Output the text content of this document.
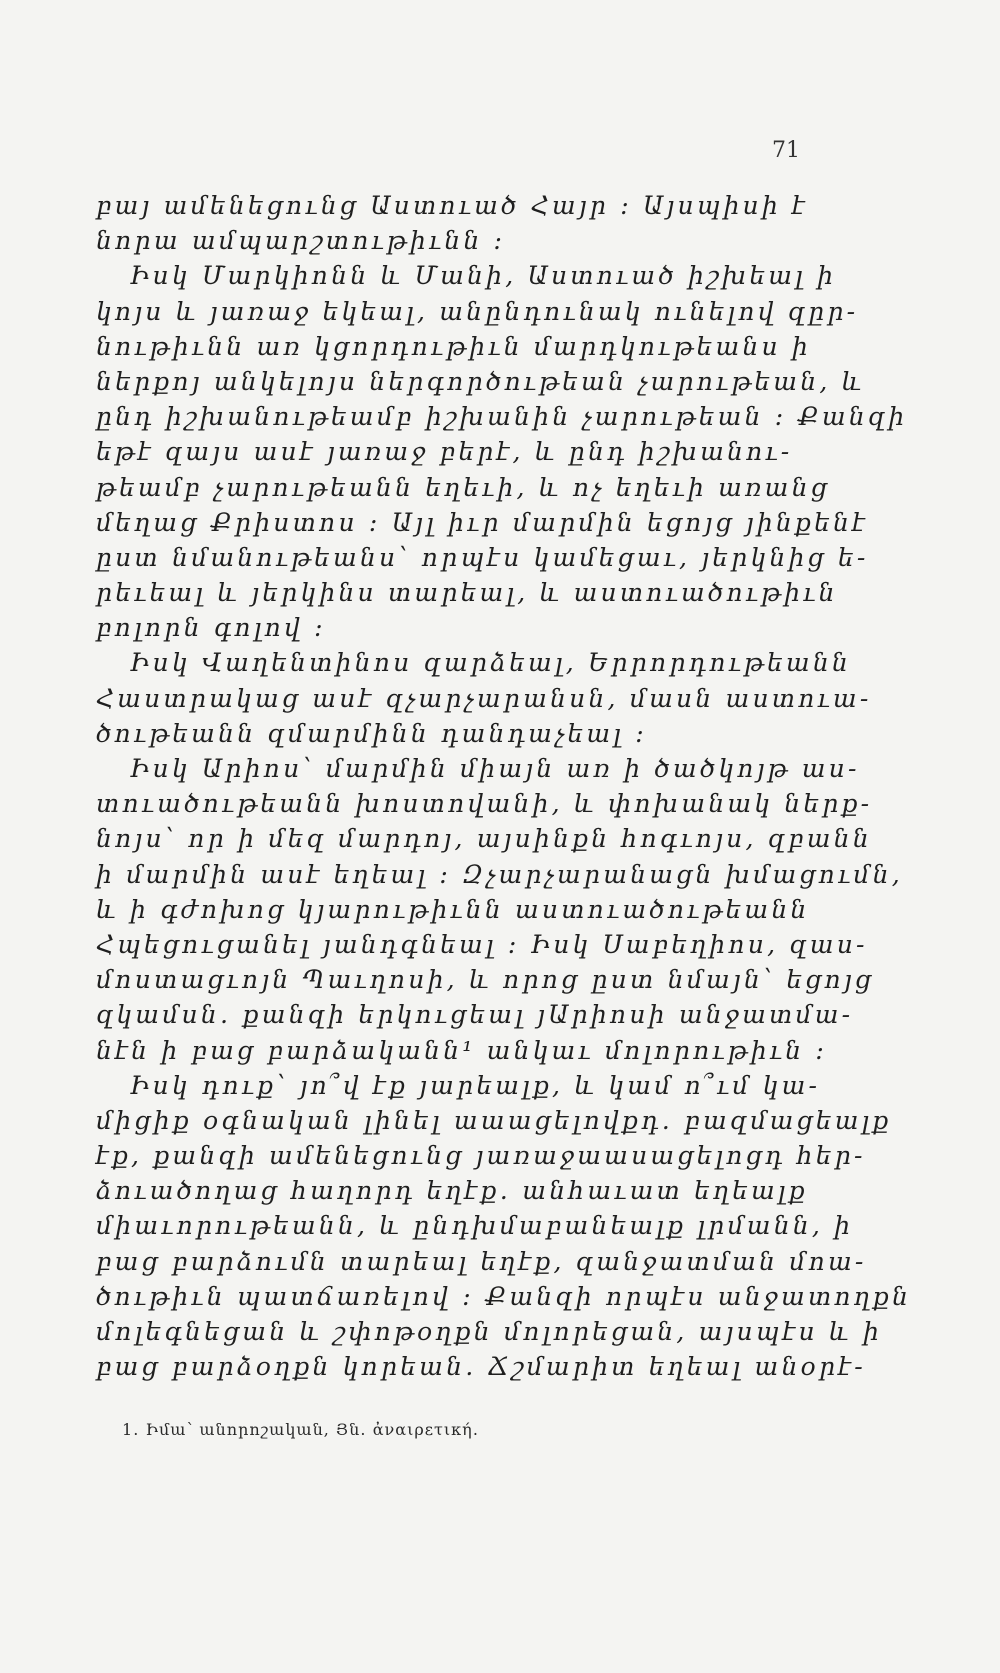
71
բայ ամենեցունց Աստուած Հայր ։ Այսպիսի է
նորա ամպարշտութիւնն ։
Իսկ Մարկիոնն և Մանի, Աստուած իշխեալ ի
կոյս և յառաջ եկեալ, անընդունակ ունելով զըր-
նութիւնն առ կցորդութիւն մարդկութեանս ի
ներքոյ անկելոյս ներգործութեան չարութեան, և
ընդ իշխանութեամբ իշխանին չարութեան ։ Քանզի
եթէ զայս ասէ յառաջ բերէ, և ընդ իշխանու-
թեամբ չարութեանն եղեւի, և ոչ եղեւի առանց
մեղաց Քրիստոս ։ Այլ իւր մարմին եցոյց յինքենէ
ըստ նմանութեանս՝ որպէս կամեցաւ, յերկնից ե-
րեւեալ և յերկինս տարեալ, և աստուածութիւն
բոլորն գոլով ։
Իսկ Վաղենտինոս զարձեալ, Երրորդութեանն
Հաստրակաց ասէ զչարչարանսն, մասն աստուա-
ծութեանն զմարմինն դանդաչեալ ։
Իսկ Արիոս՝ մարմին միայն առ ի ծածկոյթ աս-
տուածութեանն խոստովանի, և փոխանակ ներք-
նոյս՝ որ ի մեզ մարդոյ, այսինքն հոգւոյս, զբանն
ի մարմին ասէ եղեալ ։ Զչարչարանացն խմացումն,
և ի գժոխոց կյարութիւնն աստուածութեանն
Հպեցուցանել յանդգնեալ ։ Իսկ Սաբեղիոս, զաս-
մոստացւոյն Պաւղոսի, և որոց ըստ նմայն՝ եցոյց
զկամսն․ քանզի երկուցեալ յԱրիոսի անջատմա-
նէն ի բաց բարձականն¹ անկաւ մոլորութիւն ։
Իսկ դուք՝ յո՞վ էք յարեալք, և կամ ո՞ւմ կա-
միցիք օգնական լինել աաացելովքդ․ բազմացեալք
էք, քանզի ամենեցունց յառաջաասացելոցդ հեր-
ձուածողաց հաղորդ եղէք․ անհաւատ եղեալք
միաւորութեանն, և ընդխմաբանեալք լրմանն, ի
բաց բարձումն տարեալ եղէք, զանջատման մոա-
ծութիւն պատճառելով ։ Քանզի որպէս անջատողքն
մոլեգնեցան և շփոթօղքն մոլորեցան, այսպէս և ի
բաց բարձօղքն կորեան․ Ճշմարիտ եղեալ անօրէ-
1․ Իմա՝ անորոշական, Յն․ ἀναιρετική․
